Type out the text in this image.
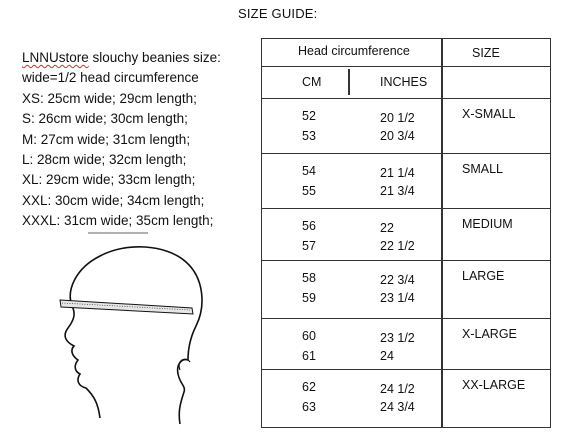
SIZE GUIDE:
LNNUstore slouchy beanies size:
wide=1/2 head circumference
XS: 25cm wide; 29cm length;
S: 26cm wide; 30cm length;
M: 27cm wide; 31cm length;
L: 28cm wide; 32cm length;
XL: 29cm wide; 33cm length;
XXL: 30cm wide; 34cm length;
XXXL: 31cm wide; 35cm length;
Head circumference	SIZE
CM	INCHES
52
53
20 1/2
20 3/4
X-SMALL
54
55
21 1/4
21 3/4
SMALL
56
57
22
22 1/2
MEDIUM
58
59
22 3/4
23 1/4
LARGE
60
61
23 1/2
24
X-LARGE
62
63
24 1/2
24 3/4
XX-LARGE
